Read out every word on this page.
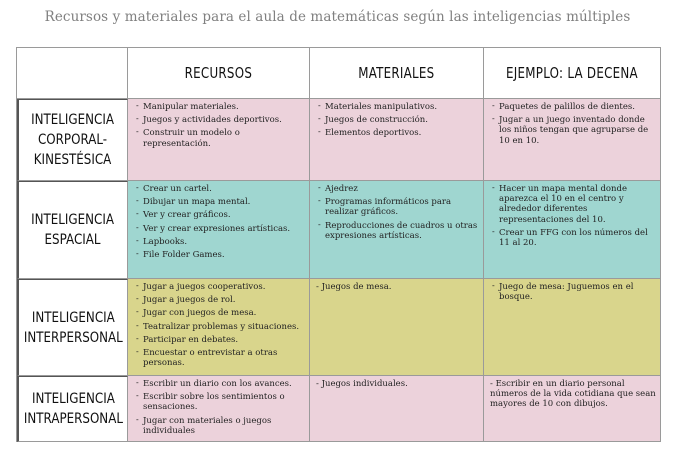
Recursos y materiales para el aula de matemáticas según las inteligencias múltiples
RECURSOS	MATERIALES	EJEMPLO: LA DECENA
INTELIGENCIA
CORPORAL-
KINESTÉSICA
- Manipular materiales.
- Juegos y actividades deportivos.
- Construir un modelo o representación.
- Materiales manipulativos.
- Juegos de construcción.
- Elementos deportivos.
- Paquetes de palillos de dientes.
- Jugar a un juego inventado donde los niños tengan que agruparse de 10 en 10.
INTELIGENCIA
ESPACIAL
- Crear un cartel.
- Dibujar un mapa mental.
- Ver y crear gráficos.
- Ver y crear expresiones artísticas.
- Lapbooks.
- File Folder Games.
- Ajedrez
- Programas informáticos para realizar gráficos.
- Reproducciones de cuadros u otras expresiones artísticas.
- Hacer un mapa mental donde aparezca el 10 en el centro y alrededor diferentes representaciones del 10.
- Crear un FFG con los números del 11 al 20.
INTELIGENCIA
INTERPERSONAL
- Jugar a juegos cooperativos.
- Jugar a juegos de rol.
- Jugar con juegos de mesa.
- Teatralizar problemas y situaciones.
- Participar en debates.
- Encuestar o entrevistar a otras personas.
- Juegos de mesa.
-	Juego de mesa: Juguemos en el bosque.
INTELIGENCIA
INTRAPERSONAL
- Escribir un diario con los avances.
- Escribir sobre los sentimientos o sensaciones.
- Jugar con materiales o juegos individuales
- Juegos individuales.	- Escribir en un diario personal números de la vida cotidiana que sean mayores de 10 con dibujos.
